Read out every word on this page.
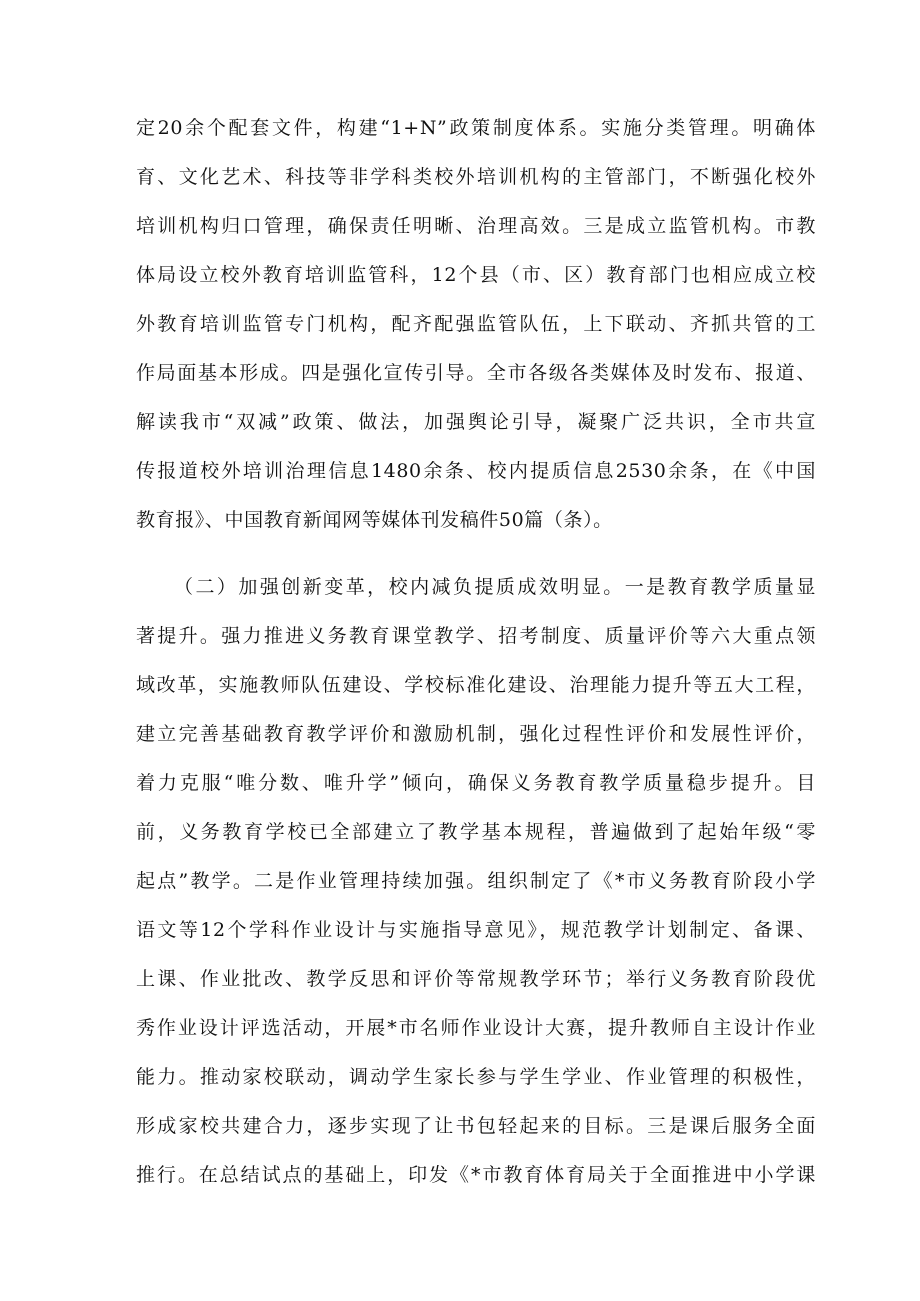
定20余个配套文件，构建“1+N”政策制度体系。实施分类管理。明确体
育、文化艺术、科技等非学科类校外培训机构的主管部门，不断强化校外
培训机构归口管理，确保责任明晰、治理高效。三是成立监管机构。市教
体局设立校外教育培训监管科，12个县（市、区）教育部门也相应成立校
外教育培训监管专门机构，配齐配强监管队伍，上下联动、齐抓共管的工
作局面基本形成。四是强化宣传引导。全市各级各类媒体及时发布、报道、
解读我市“双减”政策、做法，加强舆论引导，凝聚广泛共识，全市共宣
传报道校外培训治理信息1480余条、校内提质信息2530余条，在《中国
教育报》、中国教育新闻网等媒体刊发稿件50篇（条）。
（二）加强创新变革，校内减负提质成效明显。一是教育教学质量显
著提升。强力推进义务教育课堂教学、招考制度、质量评价等六大重点领
域改革，实施教师队伍建设、学校标准化建设、治理能力提升等五大工程，
建立完善基础教育教学评价和激励机制，强化过程性评价和发展性评价，
着力克服“唯分数、唯升学”倾向，确保义务教育教学质量稳步提升。目
前，义务教育学校已全部建立了教学基本规程，普遍做到了起始年级“零
起点”教学。二是作业管理持续加强。组织制定了《*市义务教育阶段小学
语文等12个学科作业设计与实施指导意见》，规范教学计划制定、备课、
上课、作业批改、教学反思和评价等常规教学环节；举行义务教育阶段优
秀作业设计评选活动，开展*市名师作业设计大赛，提升教师自主设计作业
能力。推动家校联动，调动学生家长参与学生学业、作业管理的积极性，
形成家校共建合力，逐步实现了让书包轻起来的目标。三是课后服务全面
推行。在总结试点的基础上，印发《*市教育体育局关于全面推进中小学课
